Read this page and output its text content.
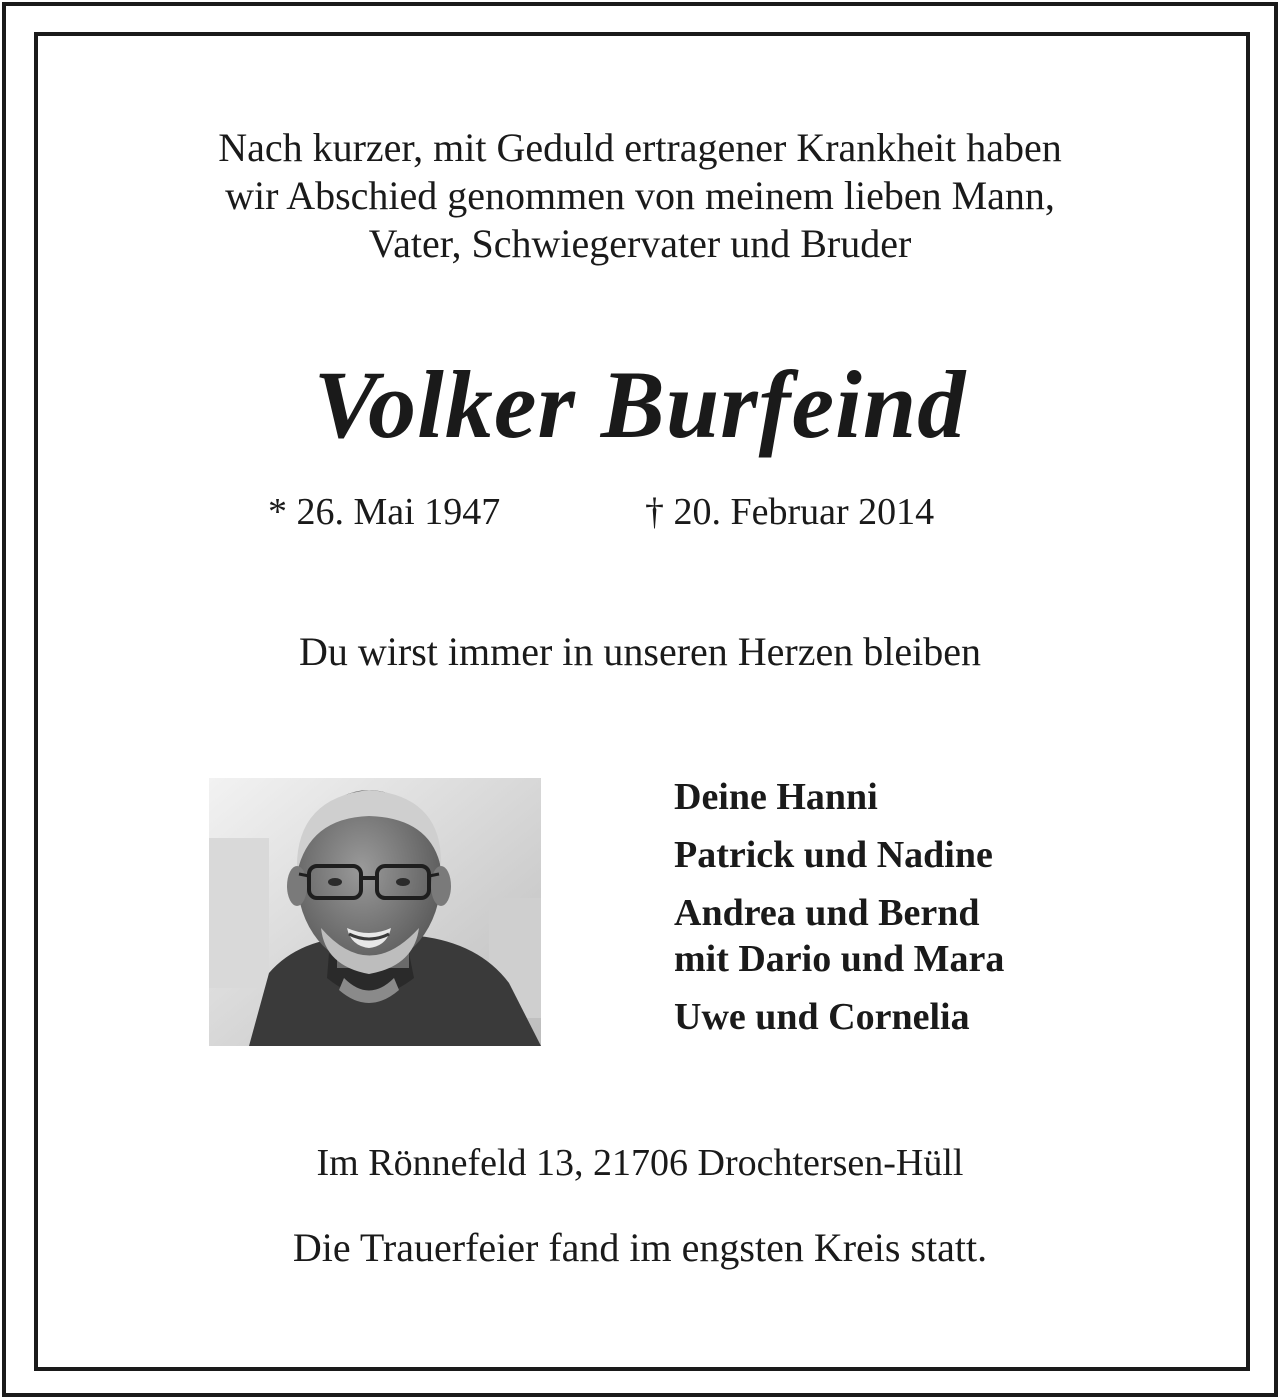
Nach kurzer, mit Geduld ertragener Krankheit haben
wir Abschied genommen von meinem lieben Mann,
Vater, Schwiegervater und Bruder
Volker Burfeind
* 26. Mai 1947	† 20. Februar 2014
Du wirst immer in unseren Herzen bleiben
Deine Hanni
Patrick und Nadine
Andrea und Bernd
mit Dario und Mara
Uwe und Cornelia
Im Rönnefeld 13, 21706 Drochtersen-Hüll
Die Trauerfeier fand im engsten Kreis statt.
